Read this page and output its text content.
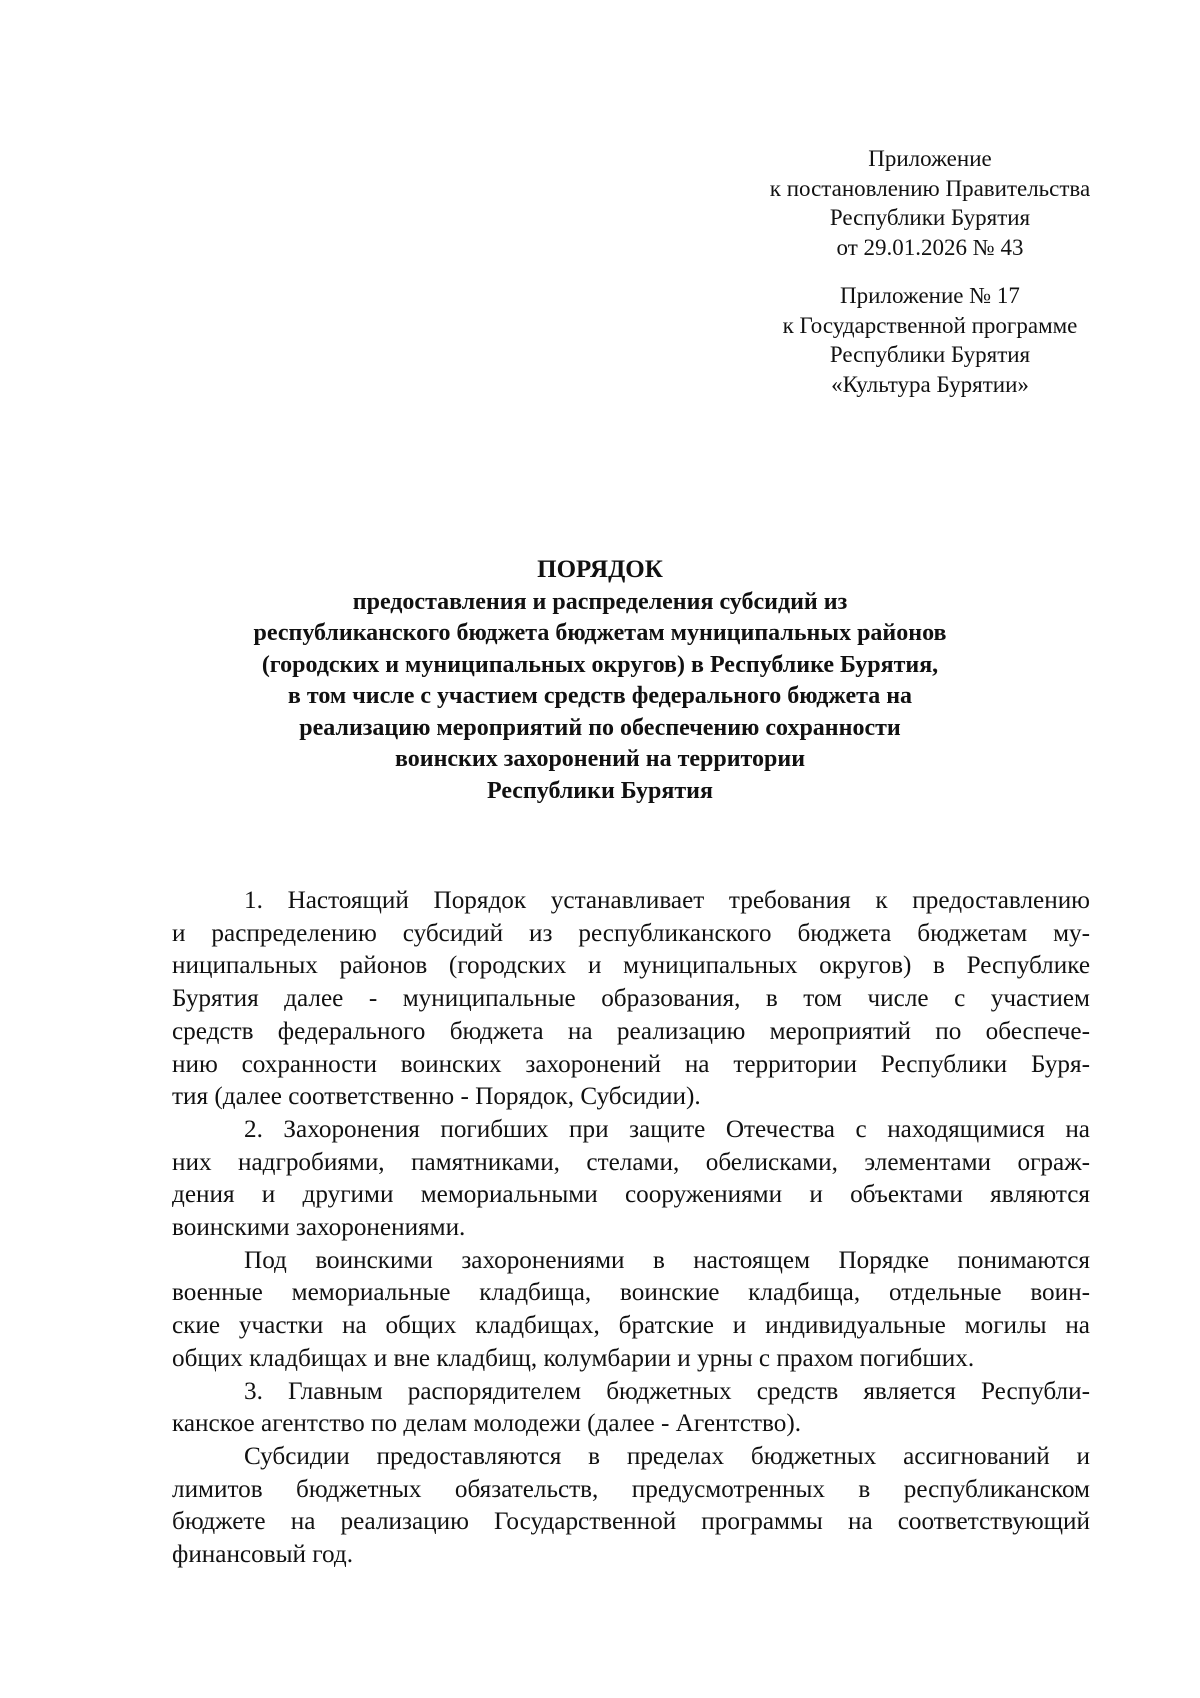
Приложение
к постановлению Правительства
Республики Бурятия
от 29.01.2026 № 43
Приложение № 17
к Государственной программе
Республики Бурятия
«Культура Бурятии»
ПОРЯДОК
предоставления и распределения субсидий из
республиканского бюджета бюджетам муниципальных районов
(городских и муниципальных округов) в Республике Бурятия,
в том числе с участием средств федерального бюджета на
реализацию мероприятий по обеспечению сохранности
воинских захоронений на территории
Республики Бурятия
1. Настоящий Порядок устанавливает требования к предоставлению
и распределению субсидий из республиканского бюджета бюджетам му-
ниципальных районов (городских и муниципальных округов) в Республике
Бурятия далее - муниципальные образования, в том числе с участием
средств федерального бюджета на реализацию мероприятий по обеспече-
нию сохранности воинских захоронений на территории Республики Буря-
тия (далее соответственно - Порядок, Субсидии).
2. Захоронения погибших при защите Отечества с находящимися на
них надгробиями, памятниками, стелами, обелисками, элементами ограж-
дения и другими мемориальными сооружениями и объектами являются
воинскими захоронениями.
Под воинскими захоронениями в настоящем Порядке понимаются
военные мемориальные кладбища, воинские кладбища, отдельные воин-
ские участки на общих кладбищах, братские и индивидуальные могилы на
общих кладбищах и вне кладбищ, колумбарии и урны с прахом погибших.
3. Главным распорядителем бюджетных средств является Республи-
канское агентство по делам молодежи (далее - Агентство).
Субсидии предоставляются в пределах бюджетных ассигнований и
лимитов бюджетных обязательств, предусмотренных в республиканском
бюджете на реализацию Государственной программы на соответствующий
финансовый год.
